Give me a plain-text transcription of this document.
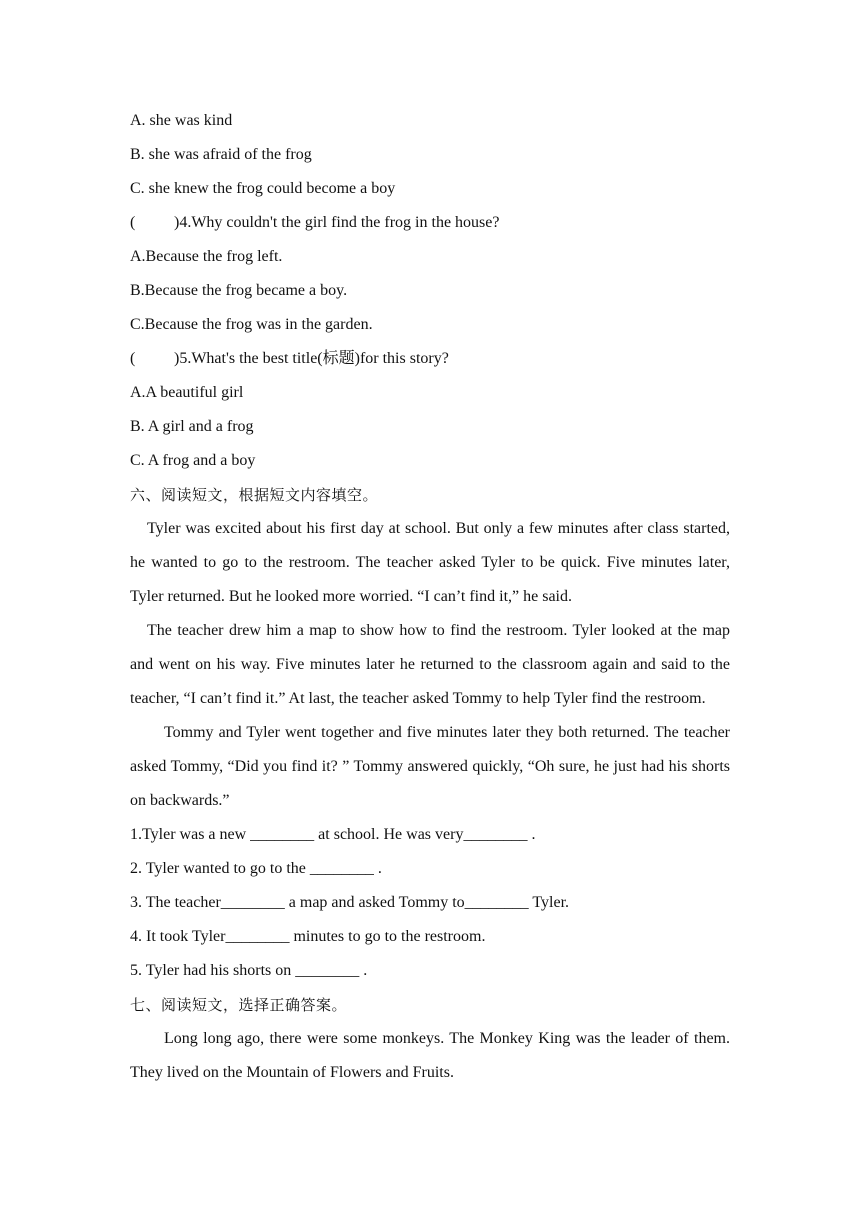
A. she was kind

B. she was afraid of the frog

C. she knew the frog could become a boy

( )4.Why couldn't the girl find the frog in the house?

A.Because the frog left.

B.Because the frog became a boy.

C.Because the frog was in the garden.

( )5.What's the best title(标题)for this story?

A.A beautiful girl

B. A girl and a frog

C. A frog and a boy

六、阅读短文，根据短文内容填空。

Tyler was excited about his first day at school. But only a few minutes after class started, he wanted to go to the restroom. The teacher asked Tyler to be quick. Five minutes later, Tyler returned. But he looked more worried. “I can’t find it,” he said.

The teacher drew him a map to show how to find the restroom. Tyler looked at the map and went on his way. Five minutes later he returned to the classroom again and said to the teacher, “I can’t find it.” At last, the teacher asked Tommy to help Tyler find the restroom.

Tommy and Tyler went together and five minutes later they both returned. The teacher asked Tommy, “Did you find it? ” Tommy answered quickly, “Oh sure, he just had his shorts on backwards.”

1.Tyler was a new ________ at school. He was very________ .

2. Tyler wanted to go to the ________ .

3. The teacher________ a map and asked Tommy to________ Tyler.

4. It took Tyler________ minutes to go to the restroom.

5. Tyler had his shorts on ________ .

七、阅读短文，选择正确答案。

Long long ago, there were some monkeys. The Monkey King was the leader of them. They lived on the Mountain of Flowers and Fruits.
